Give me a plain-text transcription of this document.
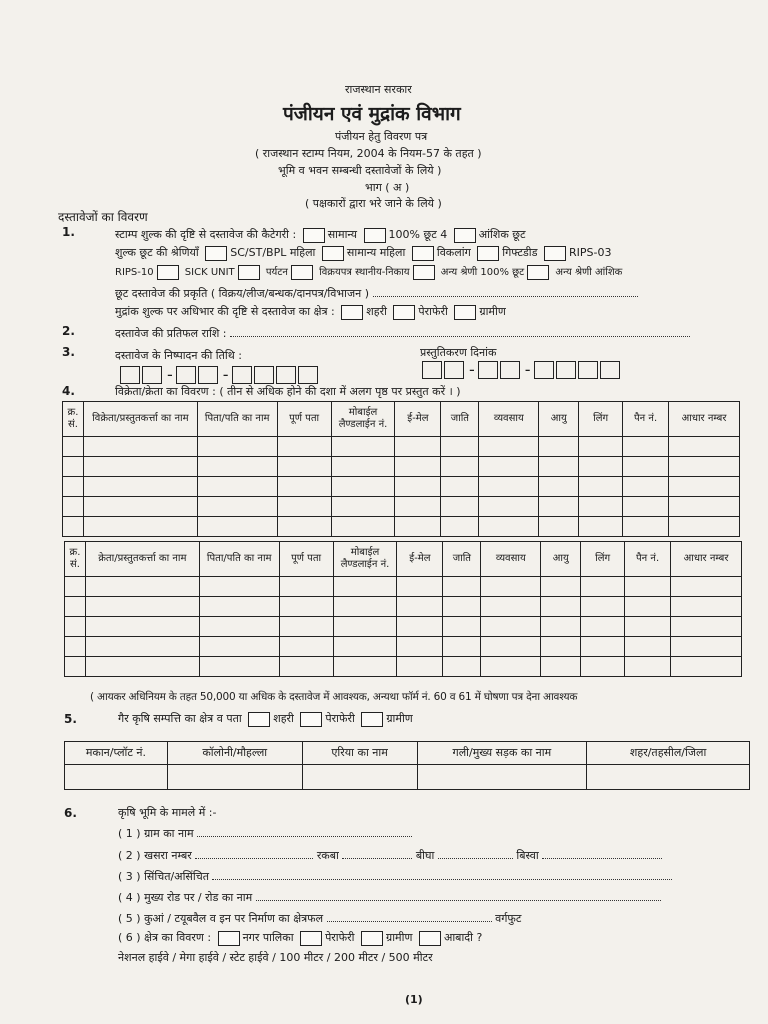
राजस्थान सरकार
पंजीयन एवं मुद्रांक विभाग
पंजीयन हेतु विवरण पत्र
( राजस्थान स्टाम्प नियम, 2004 के नियम-57 के तहत )
भूमि व भवन सम्बन्धी दस्तावेजों के लिये )
भाग ( अ )
( पक्षकारों द्वारा भरे जाने के लिये )
दस्तावेजों का विवरण
1.	स्टाम्प शुल्क की दृष्टि से दस्तावेज की कैटेगरी :	सामान्य	100% छूट 4	आंशिक छूट
शुल्क छूट की श्रेणियाँ	SC/ST/BPL महिला	सामान्य महिला	विकलांग	गिफ्टडीड	RIPS-03
RIPS-10	SICK UNIT	पर्यटन	विक्रयपत्र स्थानीय-निकाय	अन्य श्रेणी 100% छूट	अन्य श्रेणी आंशिक
छूट दस्तावेज की प्रकृति ( विक्रय/लीज/बन्धक/दानपत्र/विभाजन )
मुद्रांक शुल्क पर अधिभार की दृष्टि से दस्तावेज का क्षेत्र :	शहरी	पेराफेरी	ग्रामीण
2.	दस्तावेज की प्रतिफल राशि :
3.	दस्तावेज के निष्पादन की तिथि :	प्रस्तुतिकरण दिनांक
-	-	-	-
4.	विक्रेता/क्रेता का विवरण : ( तीन से अधिक होने की दशा में अलग पृष्ठ पर प्रस्तुत करें । )
क्र. सं.	विक्रेता/प्रस्तुतकर्त्ता का नाम	पिता/पति का नाम	पूर्ण पता	मोबाईल लैण्डलाईन नं.	ई-मेल	जाति	व्यवसाय	आयु	लिंग	पैन नं.	आधार नम्बर

क्र. सं.	क्रेता/प्रस्तुतकर्त्ता का नाम	पिता/पति का नाम	पूर्ण पता	मोबाईल लैण्डलाईन नं.	ई-मेल	जाति	व्यवसाय	आयु	लिंग	पैन नं.	आधार नम्बर

( आयकर अधिनियम के तहत 50,000 या अधिक के दस्तावेज में आवश्यक, अन्यथा फॉर्म नं. 60 व 61 में घोषणा पत्र देना आवश्यक
5.	गैर कृषि सम्पत्ति का क्षेत्र व पता	शहरी	पेराफेरी	ग्रामीण
मकान/प्लॉट नं.	कॉलोनी/मौहल्ला	एरिया का नाम	गली/मुख्य सड़क का नाम	शहर/तहसील/जिला

6.	कृषि भूमि के मामले में :-
( 1 ) ग्राम का नाम
( 2 ) खसरा नम्बर	रकबा	बीघा	बिस्वा
( 3 ) सिंचित/असिंचित
( 4 ) मुख्य रोड पर / रोड का नाम
( 5 ) कुआं / टयूबवैल व इन पर निर्माण का क्षेत्रफल	वर्गफुट
( 6 ) क्षेत्र का विवरण :	नगर पालिका	पेराफेरी	ग्रामीण	आबादी ?
नेशनल हाईवे / मेगा हाईवे / स्टेट हाईवे / 100 मीटर / 200 मीटर / 500 मीटर
(1)
